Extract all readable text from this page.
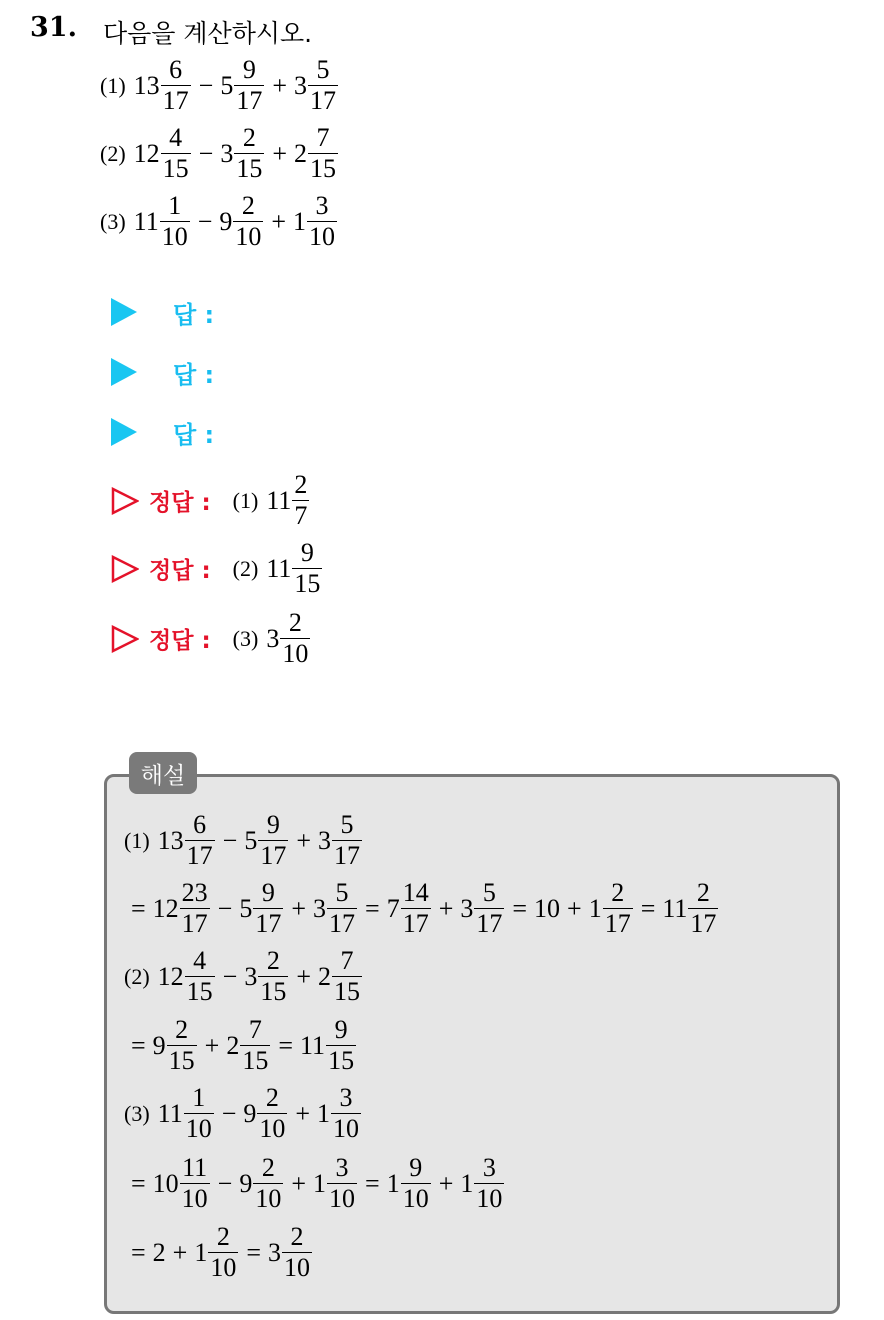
31. 다음을 계산하시오.
(1) $13 \frac{6}{17} - 5 \frac{9}{17} + 3 \frac{5}{17}$
(2) $12 \frac{4}{15} - 3 \frac{2}{15} + 2 \frac{7}{15}$
(3) $11 \frac{1}{10} - 9 \frac{2}{10} + 1 \frac{3}{10}$
답 :
답 :
답 :
정답 : (1) $11 \frac{2}{7}$
정답 : (2) $11 \frac{9}{15}$
정답 : (3) $3 \frac{2}{10}$
해설
(1) $13 \frac{6}{17} - 5 \frac{9}{17} + 3 \frac{5}{17}$
= $12 \frac{23}{17} - 5 \frac{9}{17} + 3 \frac{5}{17} = 7 \frac{14}{17} + 3 \frac{5}{17} = 10 + 1 \frac{2}{17} = 11 \frac{2}{17}$
(2) $12 \frac{4}{15} - 3 \frac{2}{15} + 2 \frac{7}{15}$
= $9 \frac{2}{15} + 2 \frac{7}{15} = 11 \frac{9}{15}$
(3) $11 \frac{1}{10} - 9 \frac{2}{10} + 1 \frac{3}{10}$
= $10 \frac{11}{10} - 9 \frac{2}{10} + 1 \frac{3}{10} = 1 \frac{9}{10} + 1 \frac{3}{10}$
= $2 + 1 \frac{2}{10} = 3 \frac{2}{10}$
